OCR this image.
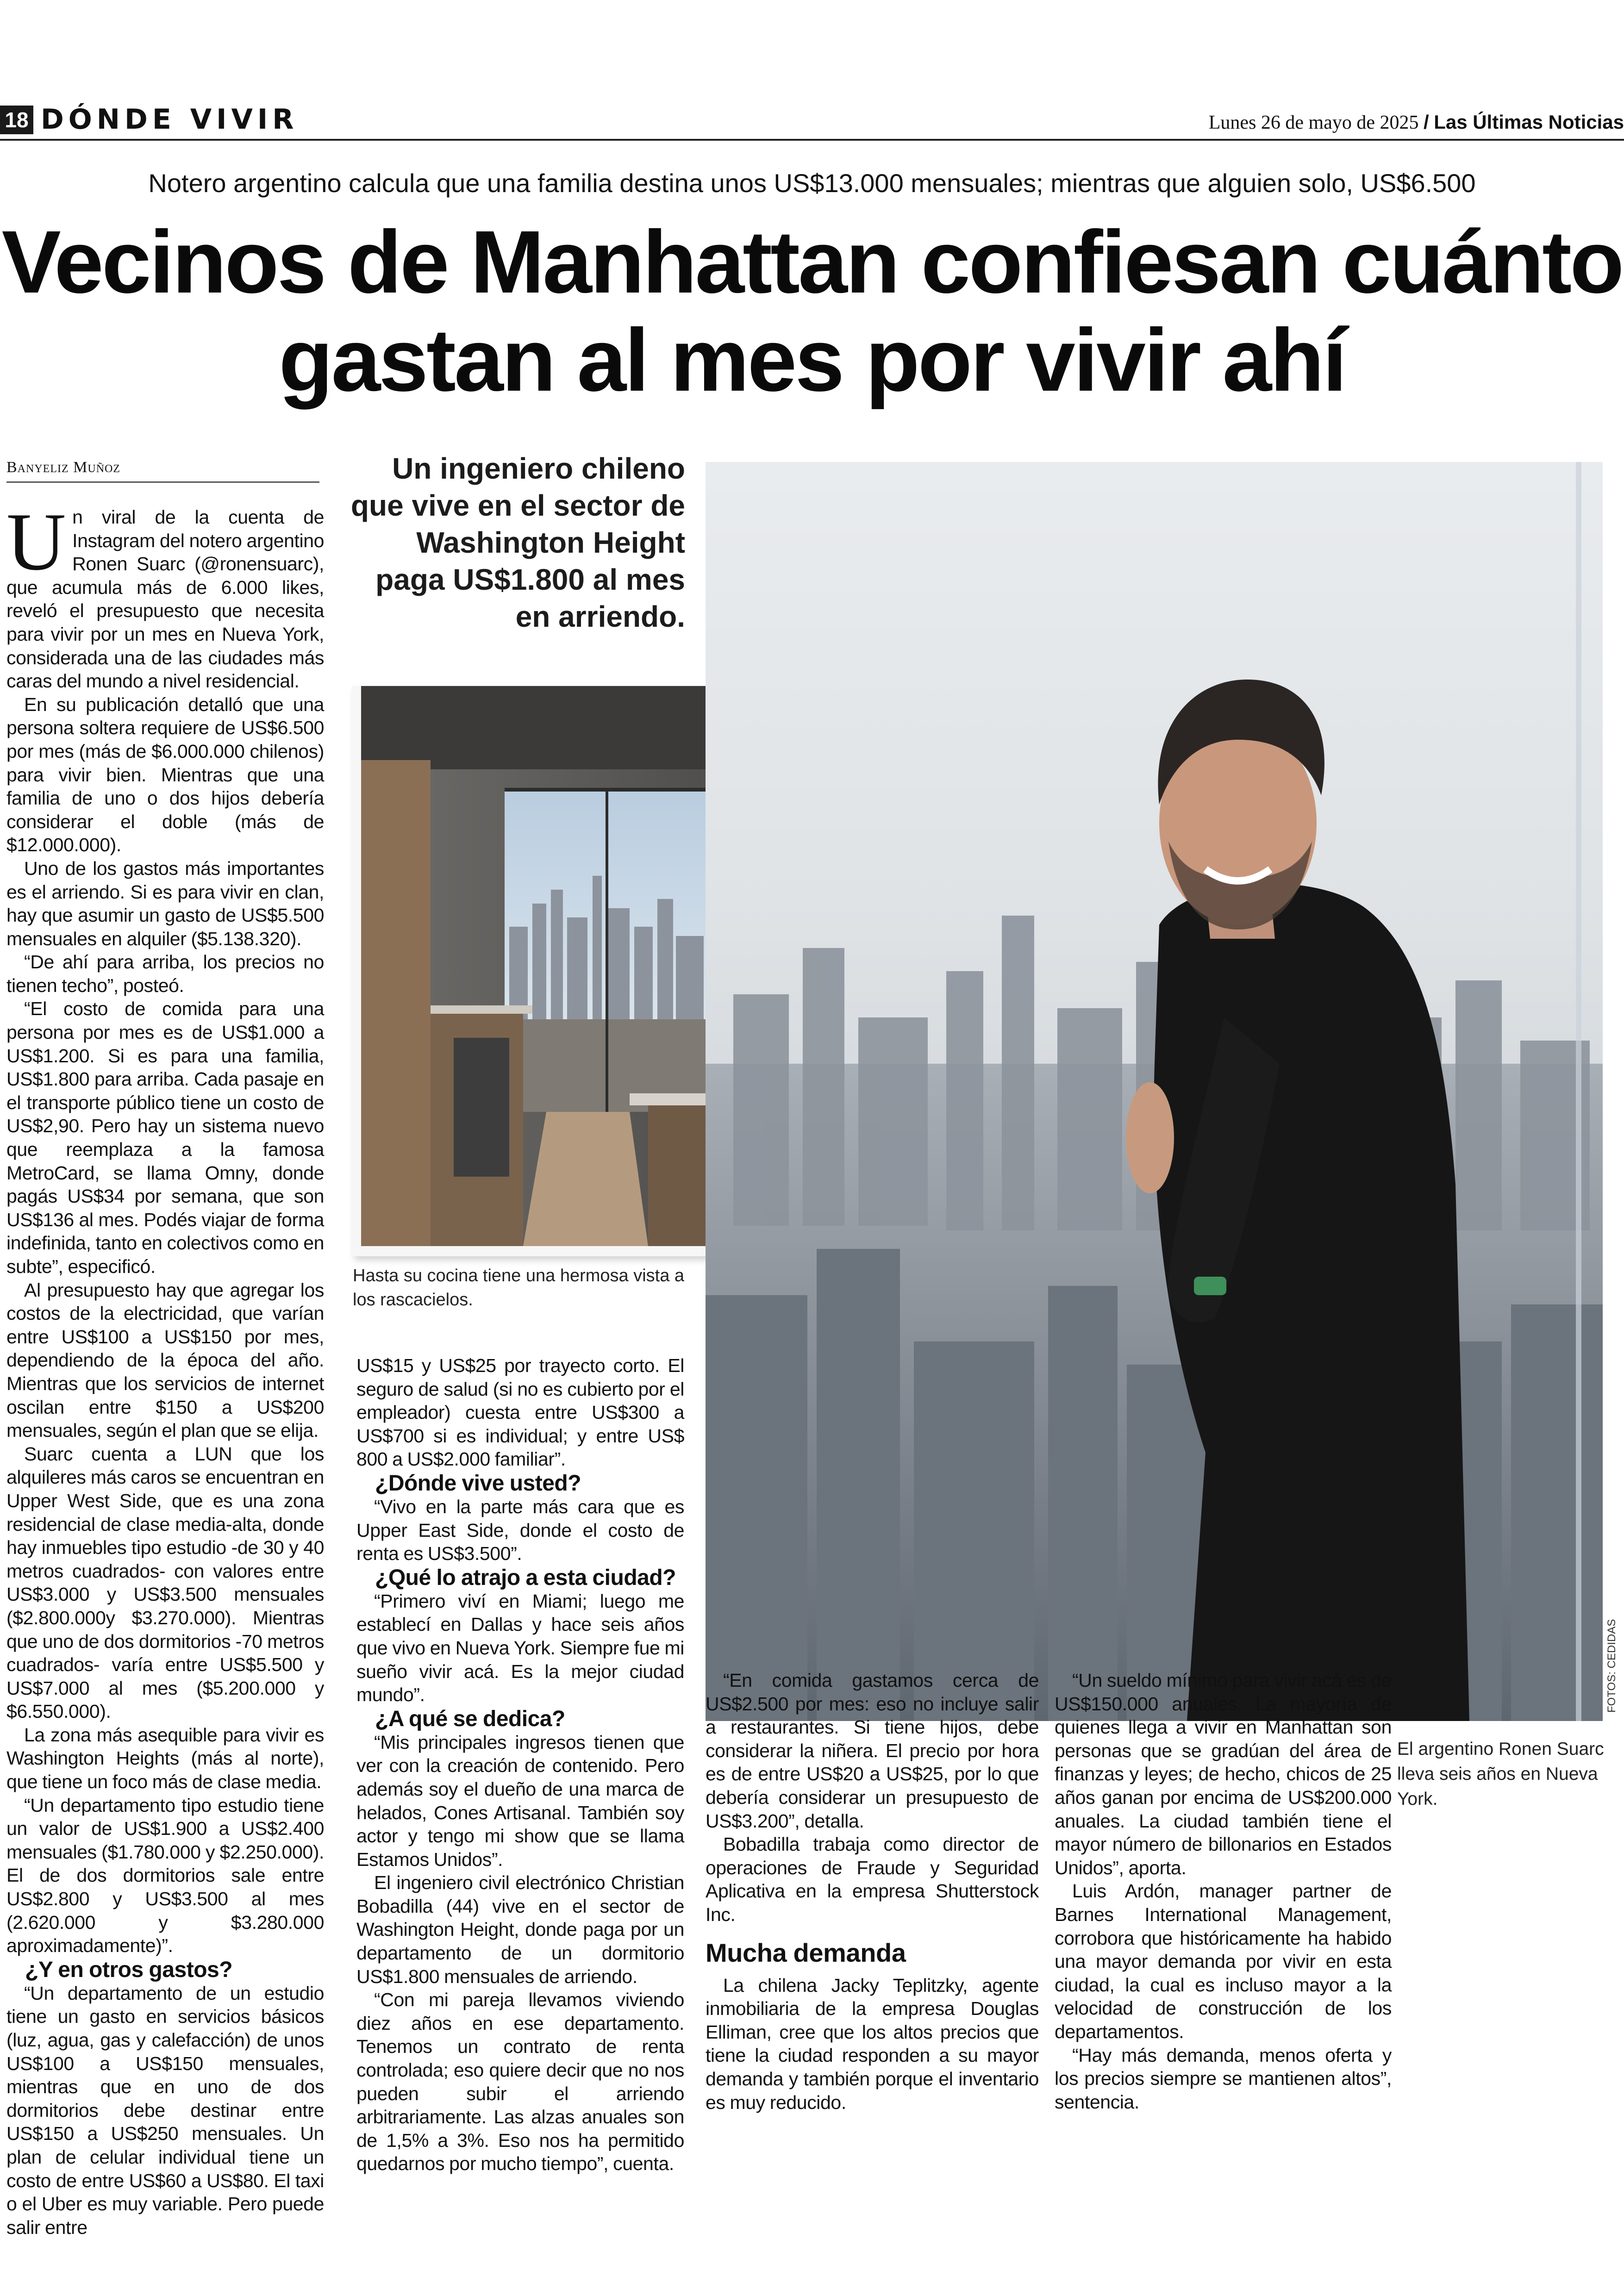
18 DÓNDE VIVIR	Lunes 26 de mayo de 2025 / Las Últimas Noticias
Notero argentino calcula que una familia destina unos US$13.000 mensuales; mientras que alguien solo, US$6.500
Vecinos de Manhattan confiesan cuánto
gastan al mes por vivir ahí
Banyeliz Muñoz

Un viral de la cuenta de Instagram del notero argentino Ronen Suarc (@ronensuarc), que acumula más de 6.000 likes, reveló el presupuesto que necesita para vivir por un mes en Nueva York, considerada una de las ciudades más caras del mundo a nivel residencial.

En su publicación detalló que una persona soltera requiere de US$6.500 por mes (más de $6.000.000 chilenos) para vivir bien. Mientras que una familia de uno o dos hijos debería considerar el doble (más de $12.000.000).

Uno de los gastos más importantes es el arriendo. Si es para vivir en clan, hay que asumir un gasto de US$5.500 mensuales en alquiler ($5.138.320).

“De ahí para arriba, los precios no tienen techo”, posteó.

“El costo de comida para una persona por mes es de US$1.000 a US$1.200. Si es para una familia, US$1.800 para arriba. Cada pasaje en el transporte público tiene un costo de US$2,90. Pero hay un sistema nuevo que reemplaza a la famosa MetroCard, se llama Omny, donde pagás US$34 por semana, que son US$136 al mes. Podés viajar de forma indefinida, tanto en colectivos como en subte”, especificó.

Al presupuesto hay que agregar los costos de la electricidad, que varían entre US$100 a US$150 por mes, dependiendo de la época del año. Mientras que los servicios de internet oscilan entre $150 a US$200 mensuales, según el plan que se elija.

Suarc cuenta a LUN que los alquileres más caros se encuentran en Upper West Side, que es una zona residencial de clase media-alta, donde hay inmuebles tipo estudio -de 30 y 40 metros cuadrados- con valores entre US$3.000 y US$3.500 mensuales ($2.800.000y $3.270.000). Mientras que uno de dos dormitorios -70 metros cuadrados- varía entre US$5.500 y US$7.000 al mes ($5.200.000 y $6.550.000).

La zona más asequible para vivir es Washington Heights (más al norte), que tiene un foco más de clase media.

“Un departamento tipo estudio tiene un valor de US$1.900 a US$2.400 mensuales ($1.780.000 y $2.250.000). El de dos dormitorios sale entre US$2.800 y US$3.500 al mes (2.620.000 y $3.280.000 aproximadamente)”.

¿Y en otros gastos?

“Un departamento de un estudio tiene un gasto en servicios básicos (luz, agua, gas y calefacción) de unos US$100 a US$150 mensuales, mientras que en uno de dos dormitorios debe destinar entre US$150 a US$250 mensuales. Un plan de celular individual tiene un costo de entre US$60 a US$80. El taxi o el Uber es muy variable. Pero puede salir entre

Un ingeniero chileno que vive en el sector de Washington Height paga US$1.800 al mes en arriendo.
Hasta su cocina tiene una hermosa vista a los rascacielos.

US$15 y US$25 por trayecto corto. El seguro de salud (si no es cubierto por el empleador) cuesta entre US$300 a US$700 si es individual; y entre US$ 800 a US$2.000 familiar”.

¿Dónde vive usted?

“Vivo en la parte más cara que es Upper East Side, donde el costo de renta es US$3.500”.

¿Qué lo atrajo a esta ciudad?

“Primero viví en Miami; luego me establecí en Dallas y hace seis años que vivo en Nueva York. Siempre fue mi sueño vivir acá. Es la mejor ciudad mundo”.

¿A qué se dedica?

“Mis principales ingresos tienen que ver con la creación de contenido. Pero además soy el dueño de una marca de helados, Cones Artisanal. También soy actor y tengo mi show que se llama Estamos Unidos”.

El ingeniero civil electrónico Christian Bobadilla (44) vive en el sector de Washington Height, donde paga por un departamento de un dormitorio US$1.800 mensuales de arriendo.

“Con mi pareja llevamos viviendo diez años en ese departamento. Tenemos un contrato de renta controlada; eso quiere decir que no nos pueden subir el arriendo arbitrariamente. Las alzas anuales son de 1,5% a 3%. Eso nos ha permitido quedarnos por mucho tiempo”, cuenta.

FOTOS: CEDIDAS

“En comida gastamos cerca de US$2.500 por mes: eso no incluye salir a restaurantes. Si tiene hijos, debe considerar la niñera. El precio por hora es de entre US$20 a US$25, por lo que debería considerar un presupuesto de US$3.200”, detalla.

Bobadilla trabaja como director de operaciones de Fraude y Seguridad Aplicativa en la empresa Shutterstock Inc.

Mucha demanda

La chilena Jacky Teplitzky, agente inmobiliaria de la empresa Douglas Elliman, cree que los altos precios que tiene la ciudad responden a su mayor demanda y también porque el inventario es muy reducido.

“Un sueldo mínimo para vivir acá es de US$150.000 anuales. La mayoría de quienes llega a vivir en Manhattan son personas que se gradúan del área de finanzas y leyes; de hecho, chicos de 25 años ganan por encima de US$200.000 anuales. La ciudad también tiene el mayor número de billonarios en Estados Unidos”, aporta.

Luis Ardón, manager partner de Barnes International Management, corrobora que históricamente ha habido una mayor demanda por vivir en esta ciudad, la cual es incluso mayor a la velocidad de construcción de los departamentos.

“Hay más demanda, menos oferta y los precios siempre se mantienen altos”, sentencia.

El argentino Ronen Suarc lleva seis años en Nueva York.
